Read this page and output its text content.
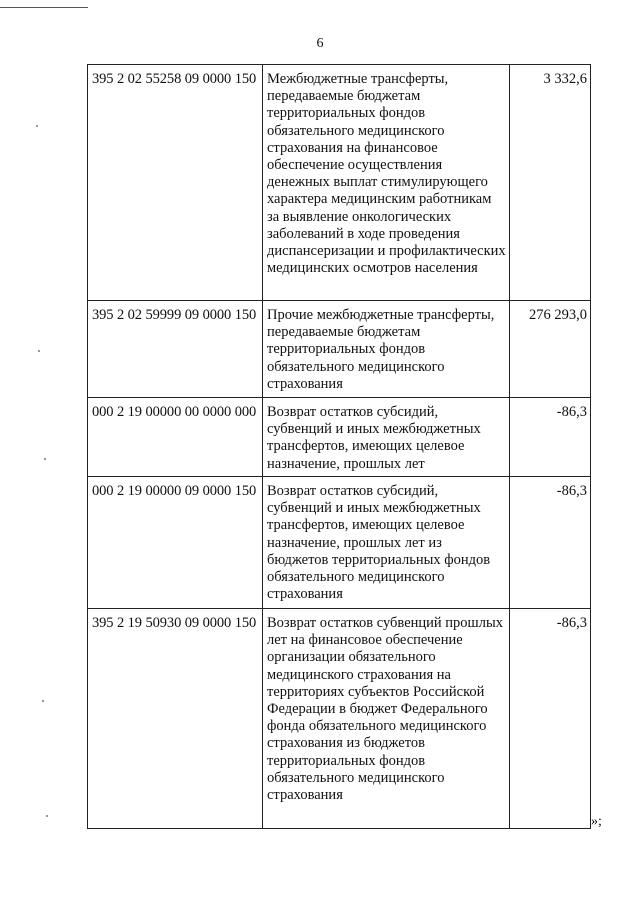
6
395 2 02 55258 09 0000 150	Межбюджетные трансферты, передаваемые бюджетам территориальных фондов обязательного медицинского страхования на финансовое обеспечение осуществления денежных выплат стимулирующего характера медицинским работникам за выявление онкологических заболеваний в ходе проведения диспансеризации и профилактических медицинских осмотров населения	3 332,6
395 2 02 59999 09 0000 150	Прочие межбюджетные трансферты, передаваемые бюджетам территориальных фондов обязательного медицинского страхования	276 293,0
000 2 19 00000 00 0000 000	Возврат остатков субсидий, субвенций и иных межбюджетных трансфертов, имеющих целевое назначение, прошлых лет	-86,3
000 2 19 00000 09 0000 150	Возврат остатков субсидий, субвенций и иных межбюджетных трансфертов, имеющих целевое назначение, прошлых лет из бюджетов территориальных фондов обязательного медицинского страхования	-86,3
395 2 19 50930 09 0000 150	Возврат остатков субвенций прошлых лет на финансовое обеспечение организации обязательного медицинского страхования на территориях субъектов Российской Федерации в бюджет Федерального фонда обязательного медицинского страхования из бюджетов территориальных фондов обязательного медицинского страхования	-86,3
»;
